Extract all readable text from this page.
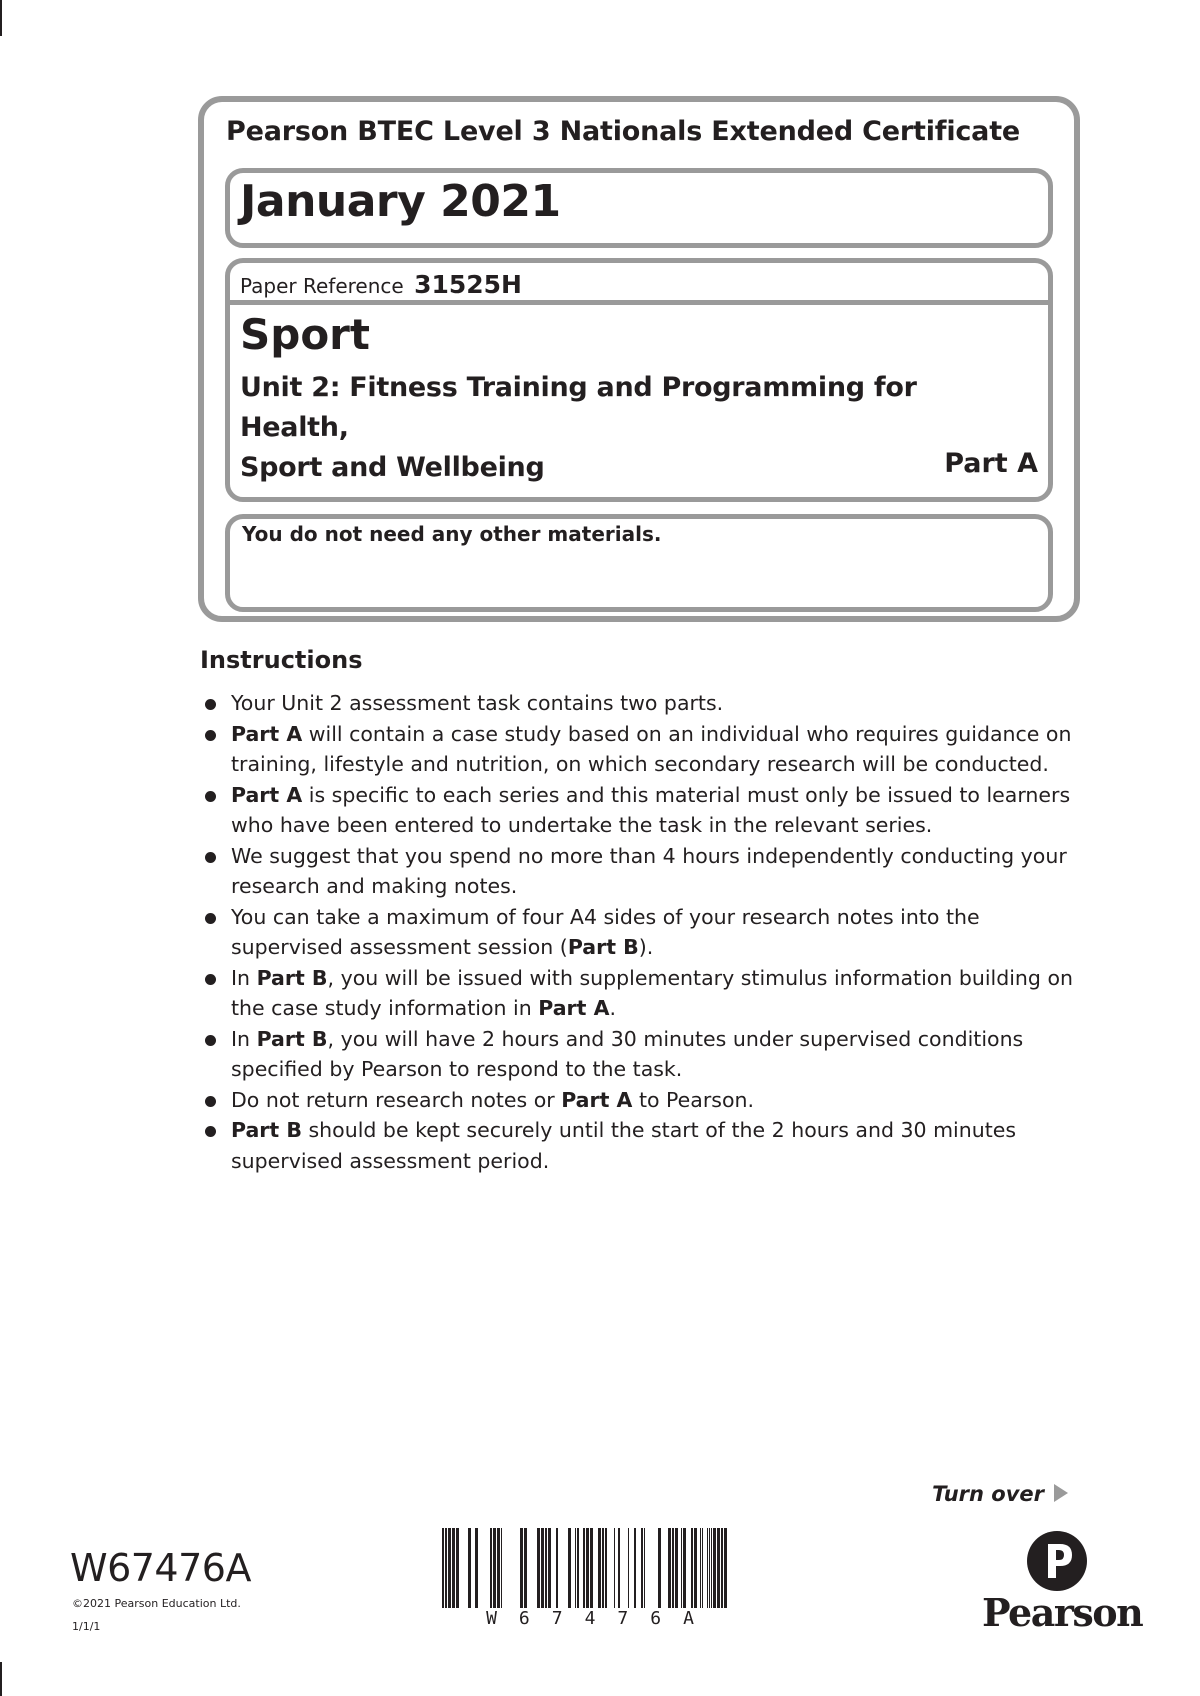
Pearson BTEC Level 3 Nationals Extended Certificate
January 2021
Paper Reference 31525H
Sport
Unit 2: Fitness Training and Programming for Health,
Sport and Wellbeing	Part A
You do not need any other materials.
Instructions
Your Unit 2 assessment task contains two parts.
Part A will contain a case study based on an individual who requires guidance on training, lifestyle and nutrition, on which secondary research will be conducted.
Part A is specific to each series and this material must only be issued to learners who have been entered to undertake the task in the relevant series.
We suggest that you spend no more than 4 hours independently conducting your research and making notes.
You can take a maximum of four A4 sides of your research notes into the supervised assessment session (Part B).
In Part B, you will be issued with supplementary stimulus information building on the case study information in Part A.
In Part B, you will have 2 hours and 30 minutes under supervised conditions specified by Pearson to respond to the task.
Do not return research notes or Part A to Pearson.
Part B should be kept securely until the start of the 2 hours and 30 minutes supervised assessment period.
Turn over
W67476A
©2021 Pearson Education Ltd.
1/1/1	W67476A	Pearson
